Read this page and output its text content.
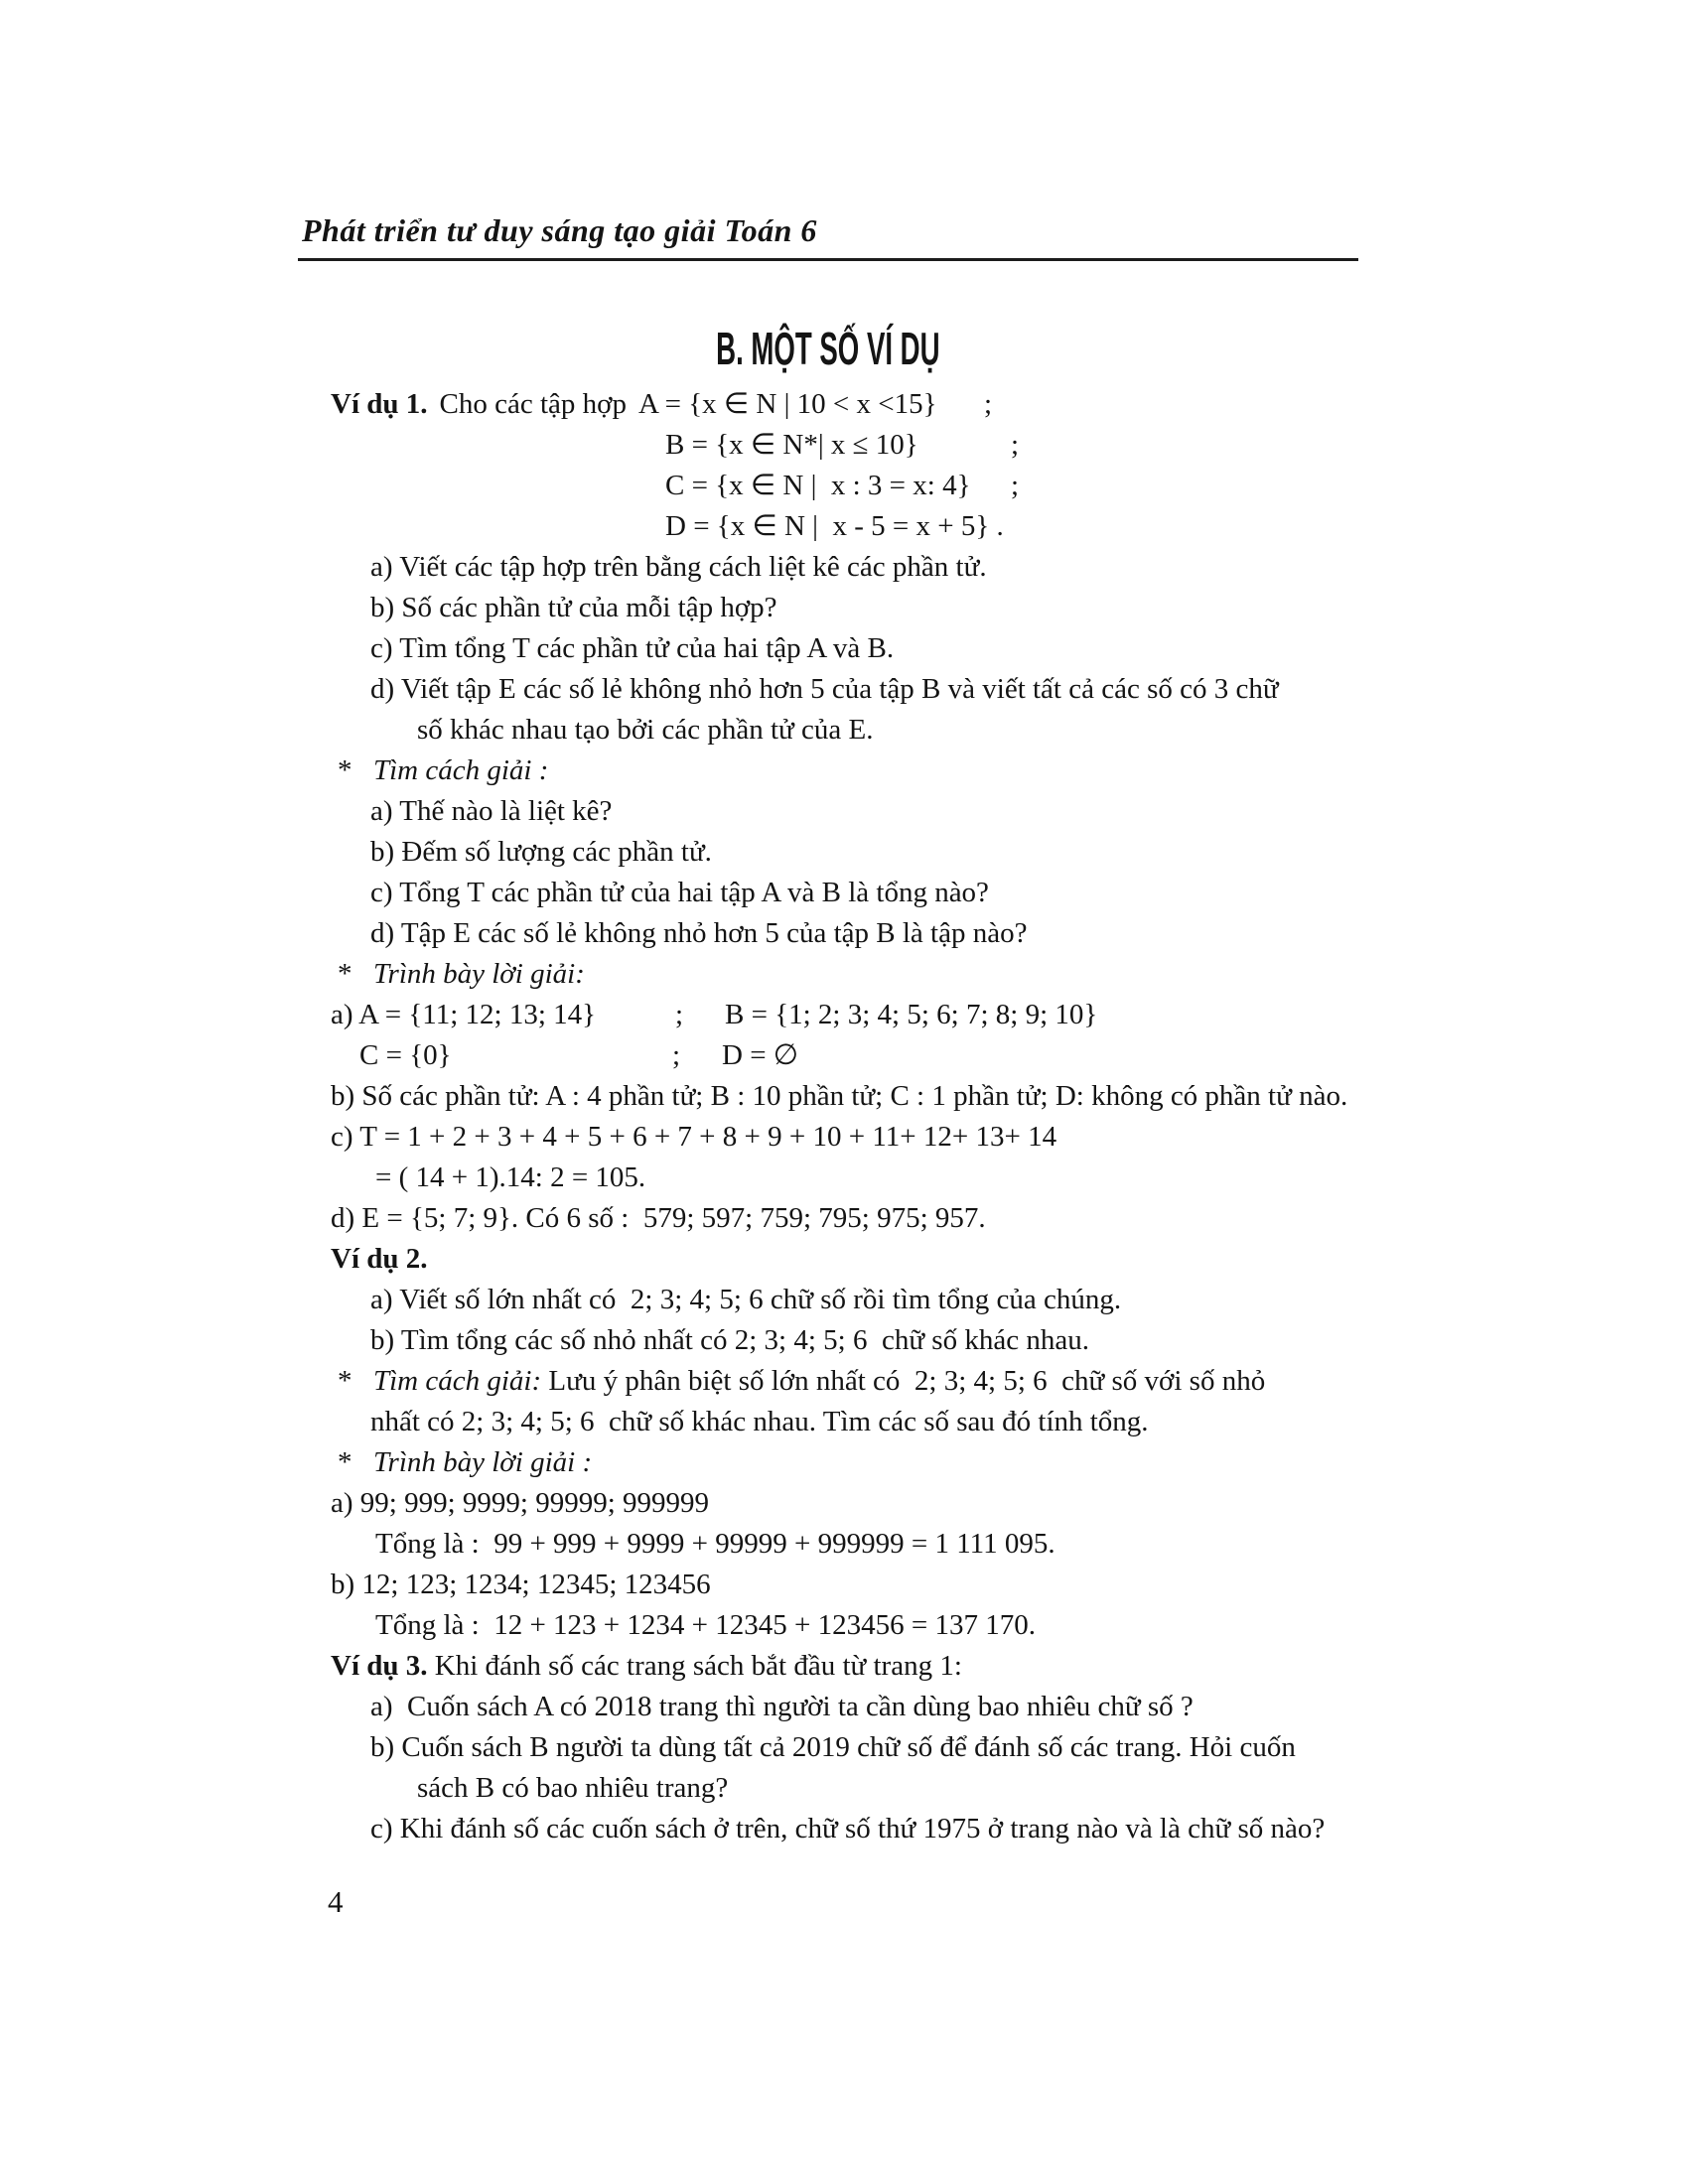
Phát triển tư duy sáng tạo giải Toán 6
B. MỘT SỐ VÍ DỤ
Ví dụ 1. Cho các tập hợp A = {x ∈ N | 10 < x <15} ;
B = {x ∈ N*| x ≤ 10}	;
C = {x ∈ N |  x : 3 = x: 4} ;
D = {x ∈ N |  x - 5 = x + 5} .
a) Viết các tập hợp trên bằng cách liệt kê các phần tử.
b) Số các phần tử của mỗi tập hợp?
c) Tìm tổng T các phần tử của hai tập A và B.
d) Viết tập E các số lẻ không nhỏ hơn 5 của tập B và viết tất cả các số có 3 chữ
số khác nhau tạo bởi các phần tử của E.
* Tìm cách giải :
a) Thế nào là liệt kê?
b) Đếm số lượng các phần tử.
c) Tổng T các phần tử của hai tập A và B là tổng nào?
d) Tập E các số lẻ không nhỏ hơn 5 của tập B là tập nào?
* Trình bày lời giải:
a) A = {11; 12; 13; 14}	; B = {1; 2; 3; 4; 5; 6; 7; 8; 9; 10}
C = {0}	; D = ∅
b) Số các phần tử: A : 4 phần tử; B : 10 phần tử; C : 1 phần tử; D: không có phần tử nào.
c) T = 1 + 2 + 3 + 4 + 5 + 6 + 7 + 8 + 9 + 10 + 11+ 12+ 13+ 14
= ( 14 + 1).14: 2 = 105.
d) E = {5; 7; 9}. Có 6 số :  579; 597; 759; 795; 975; 957.
Ví dụ 2.
a) Viết số lớn nhất có  2; 3; 4; 5; 6 chữ số rồi tìm tổng của chúng.
b) Tìm tổng các số nhỏ nhất có 2; 3; 4; 5; 6  chữ số khác nhau.
* Tìm cách giải: Lưu ý phân biệt số lớn nhất có  2; 3; 4; 5; 6  chữ số với số nhỏ
nhất có 2; 3; 4; 5; 6  chữ số khác nhau. Tìm các số sau đó tính tổng.
* Trình bày lời giải :
a) 99; 999; 9999; 99999; 999999
Tổng là :  99 + 999 + 9999 + 99999 + 999999 = 1 111 095.
b) 12; 123; 1234; 12345; 123456
Tổng là :  12 + 123 + 1234 + 12345 + 123456 = 137 170.
Ví dụ 3. Khi đánh số các trang sách bắt đầu từ trang 1:
a)  Cuốn sách A có 2018 trang thì người ta cần dùng bao nhiêu chữ số ?
b) Cuốn sách B người ta dùng tất cả 2019 chữ số để đánh số các trang. Hỏi cuốn
sách B có bao nhiêu trang?
c) Khi đánh số các cuốn sách ở trên, chữ số thứ 1975 ở trang nào và là chữ số nào?
4
